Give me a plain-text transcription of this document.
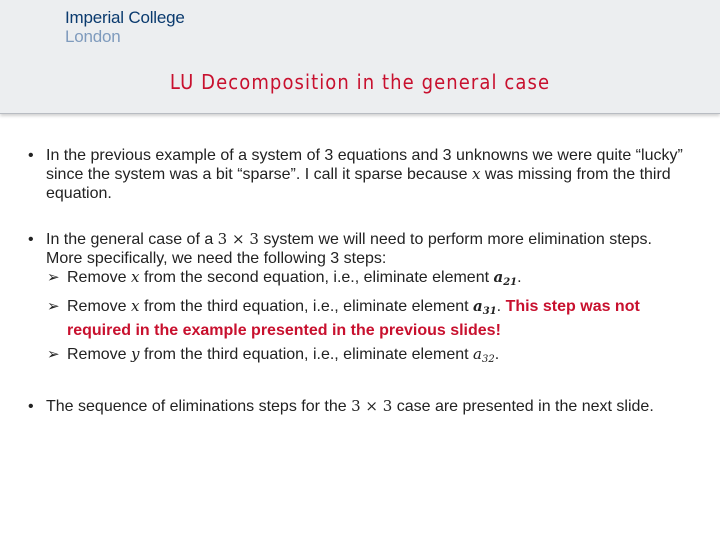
Imperial College
London
LU Decomposition in the general case
• In the previous example of a system of 3 equations and 3 unknowns we were quite “lucky” since the system was a bit “sparse”. I call it sparse because x was missing from the third equation.
• In the general case of a 3 × 3 system we will need to perform more elimination steps. More specifically, we need the following 3 steps:
➢ Remove x from the second equation, i.e., eliminate element $a_{21}$.
➢ Remove x from the third equation, i.e., eliminate element $a_{31}$. This step was not required in the example presented in the previous slides!
➢ Remove y from the third equation, i.e., eliminate element $a_{32}$.
• The sequence of eliminations steps for the 3 × 3 case are presented in the next slide.
